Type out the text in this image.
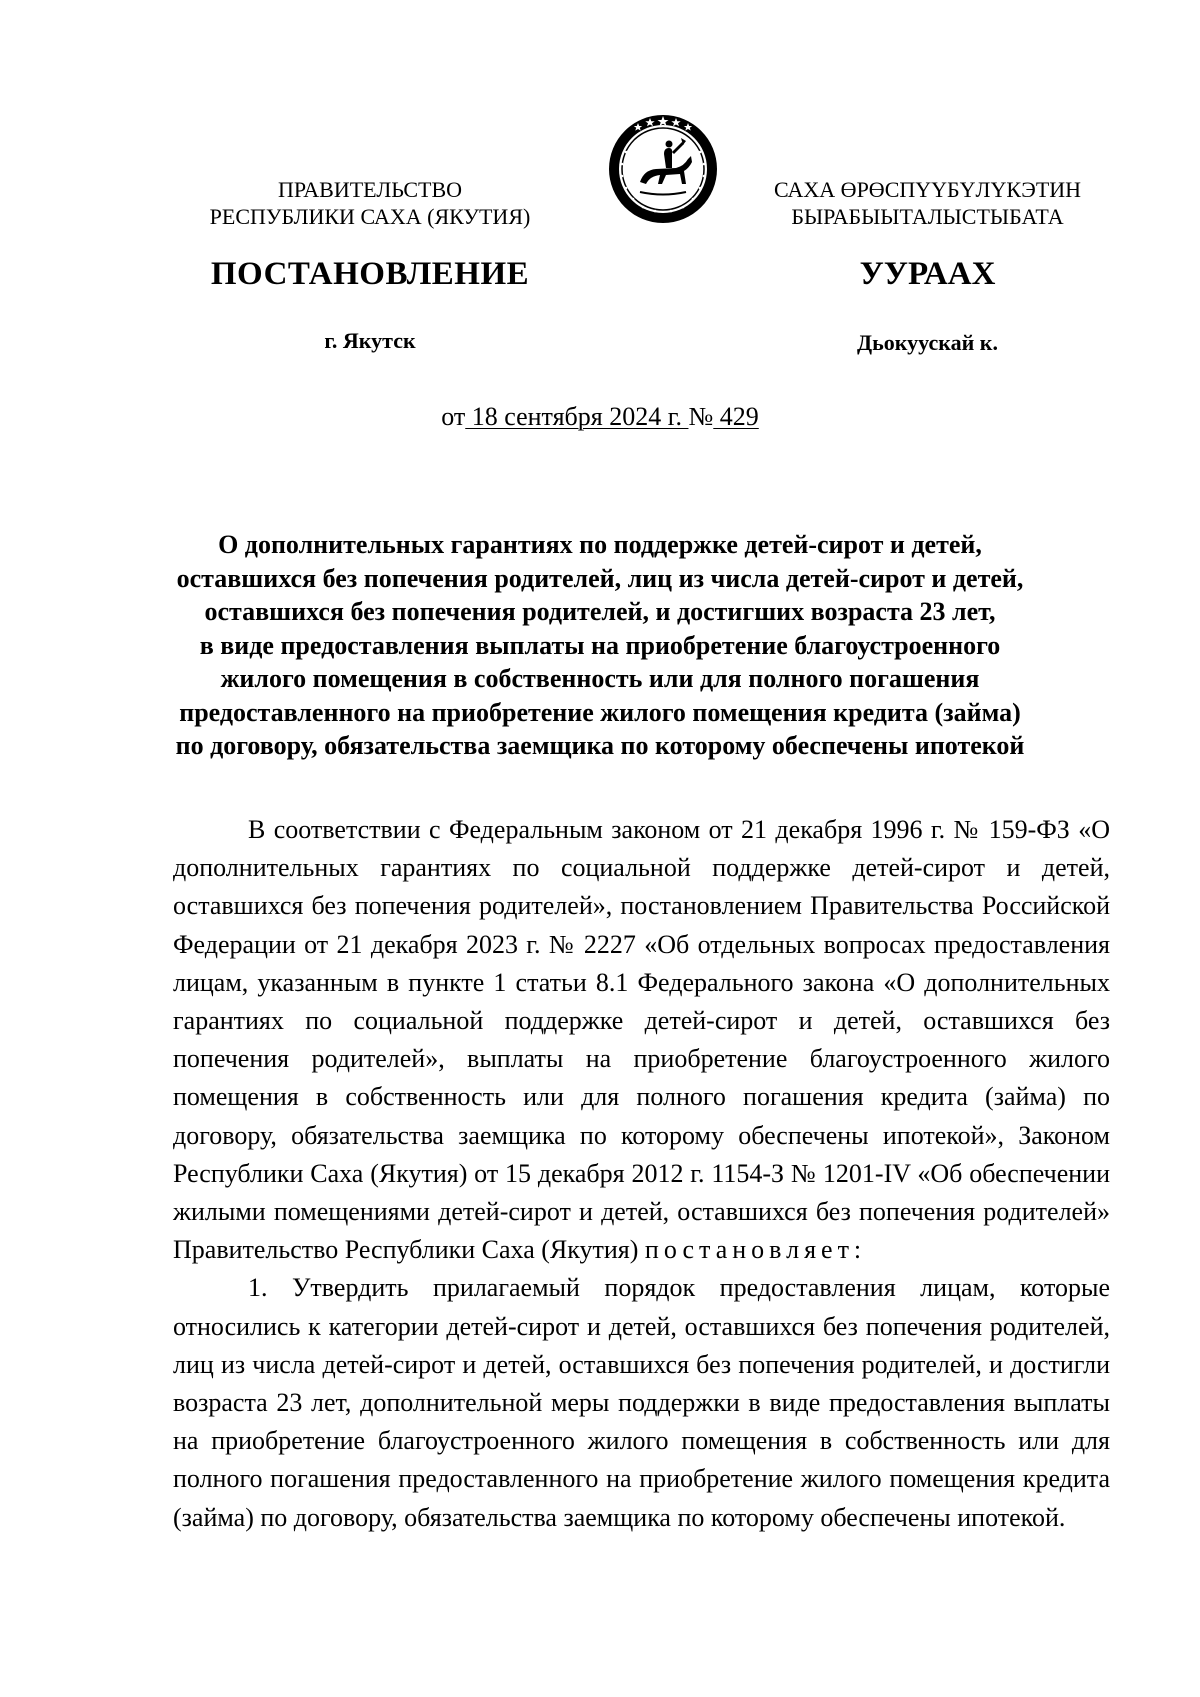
ПРАВИТЕЛЬСТВО
РЕСПУБЛИКИ САХА (ЯКУТИЯ)
САХА ӨРӨСПҮҮБҮЛҮКЭТИН
БЫРАБЫЫТАЛЫСТЫБАТА
ПОСТАНОВЛЕНИЕ	УУРААХ
г. Якутск	Дьокуускай к.
от 18 сентября 2024 г. № 429
О дополнительных гарантиях по поддержке детей-сирот и детей,
оставшихся без попечения родителей, лиц из числа детей-сирот и детей,
оставшихся без попечения родителей, и достигших возраста 23 лет,
в виде предоставления выплаты на приобретение благоустроенного
жилого помещения в собственность или для полного погашения
предоставленного на приобретение жилого помещения кредита (займа)
по договору, обязательства заемщика по которому обеспечены ипотекой

В соответствии с Федеральным законом от 21 декабря 1996 г. № 159-ФЗ «О дополнительных гарантиях по социальной поддержке детей-сирот и детей, оставшихся без попечения родителей», постановлением Правительства Российской Федерации от 21 декабря 2023 г. № 2227 «Об отдельных вопросах предоставления лицам, указанным в пункте 1 статьи 8.1 Федерального закона «О дополнительных гарантиях по социальной поддержке детей-сирот и детей, оставшихся без попечения родителей», выплаты на приобретение благоустроенного жилого помещения в собственность или для полного погашения кредита (займа) по договору, обязательства заемщика по которому обеспечены ипотекой», Законом Республики Саха (Якутия) от 15 декабря 2012 г. 1154-З № 1201-IV «Об обеспечении жилыми помещениями детей-сирот и детей, оставшихся без попечения родителей» Правительство Республики Саха (Якутия) постановляет:

1. Утвердить прилагаемый порядок предоставления лицам, которые относились к категории детей-сирот и детей, оставшихся без попечения родителей, лиц из числа детей-сирот и детей, оставшихся без попечения родителей, и достигли возраста 23 лет, дополнительной меры поддержки в виде предоставления выплаты на приобретение благоустроенного жилого помещения в собственность или для полного погашения предоставленного на приобретение жилого помещения кредита (займа) по договору, обязательства заемщика по которому обеспечены ипотекой.
